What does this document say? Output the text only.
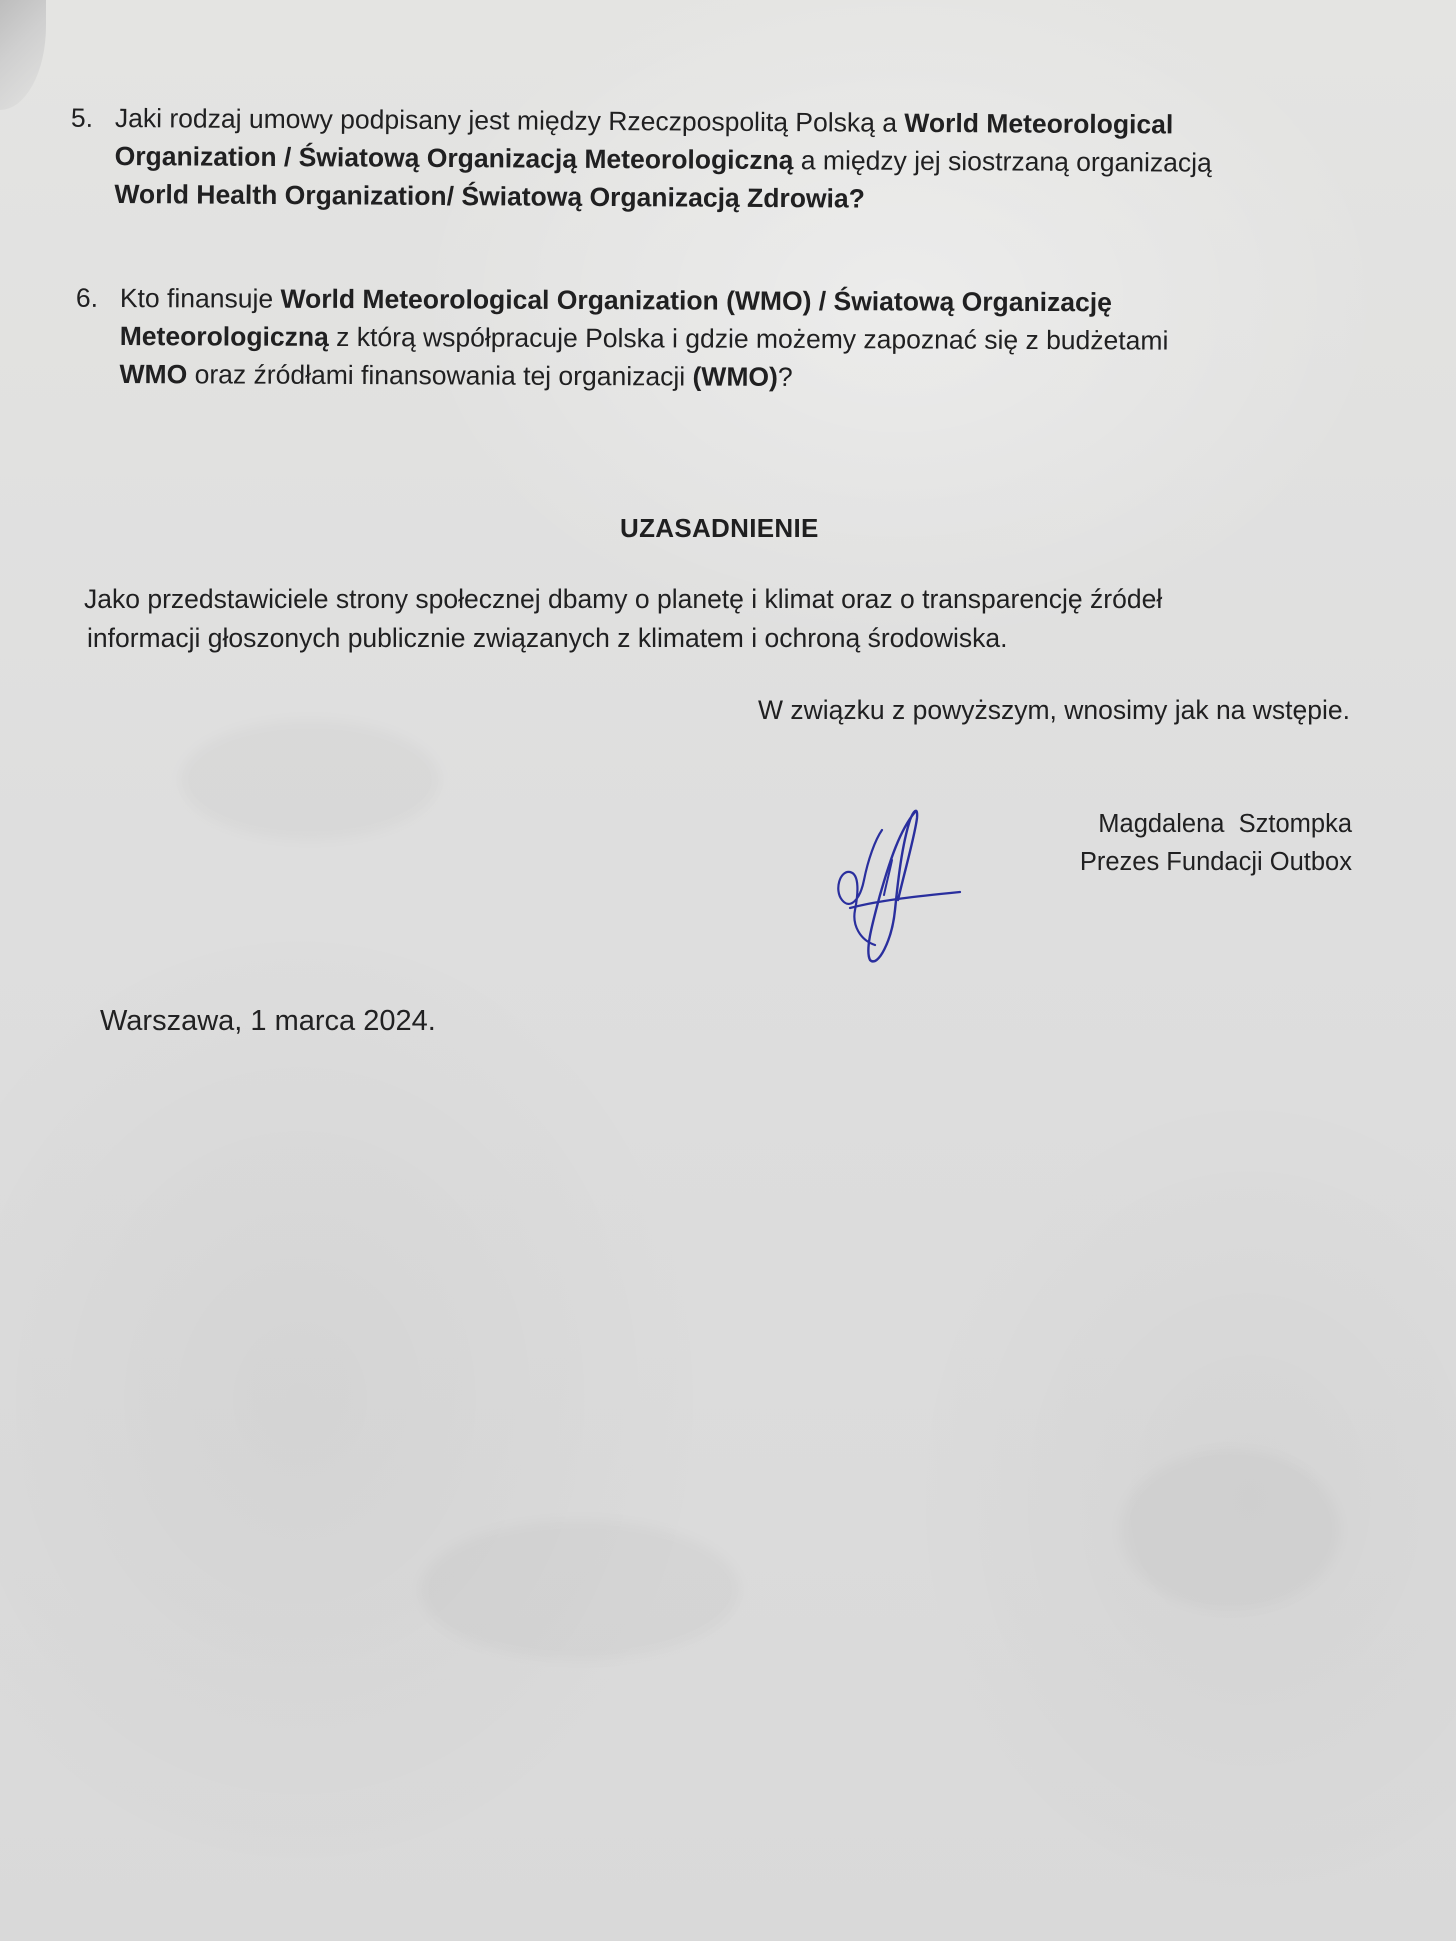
5. Jaki rodzaj umowy podpisany jest między Rzeczpospolitą Polską a World Meteorological
Organization / Światową Organizacją Meteorologiczną a między jej siostrzaną organizacją
World Health Organization/ Światową Organizacją Zdrowia?
6. Kto finansuje World Meteorological Organization (WMO) / Światową Organizację
Meteorologiczną z którą współpracuje Polska i gdzie możemy zapoznać się z budżetami
WMO oraz źródłami finansowania tej organizacji (WMO)?
UZASADNIENIE
Jako przedstawiciele strony społecznej dbamy o planetę i klimat oraz o transparencję źródeł
informacji głoszonych publicznie związanych z klimatem i ochroną środowiska.
W związku z powyższym, wnosimy jak na wstępie.
Magdalena  Sztompka
Prezes Fundacji Outbox
Warszawa, 1 marca 2024.
